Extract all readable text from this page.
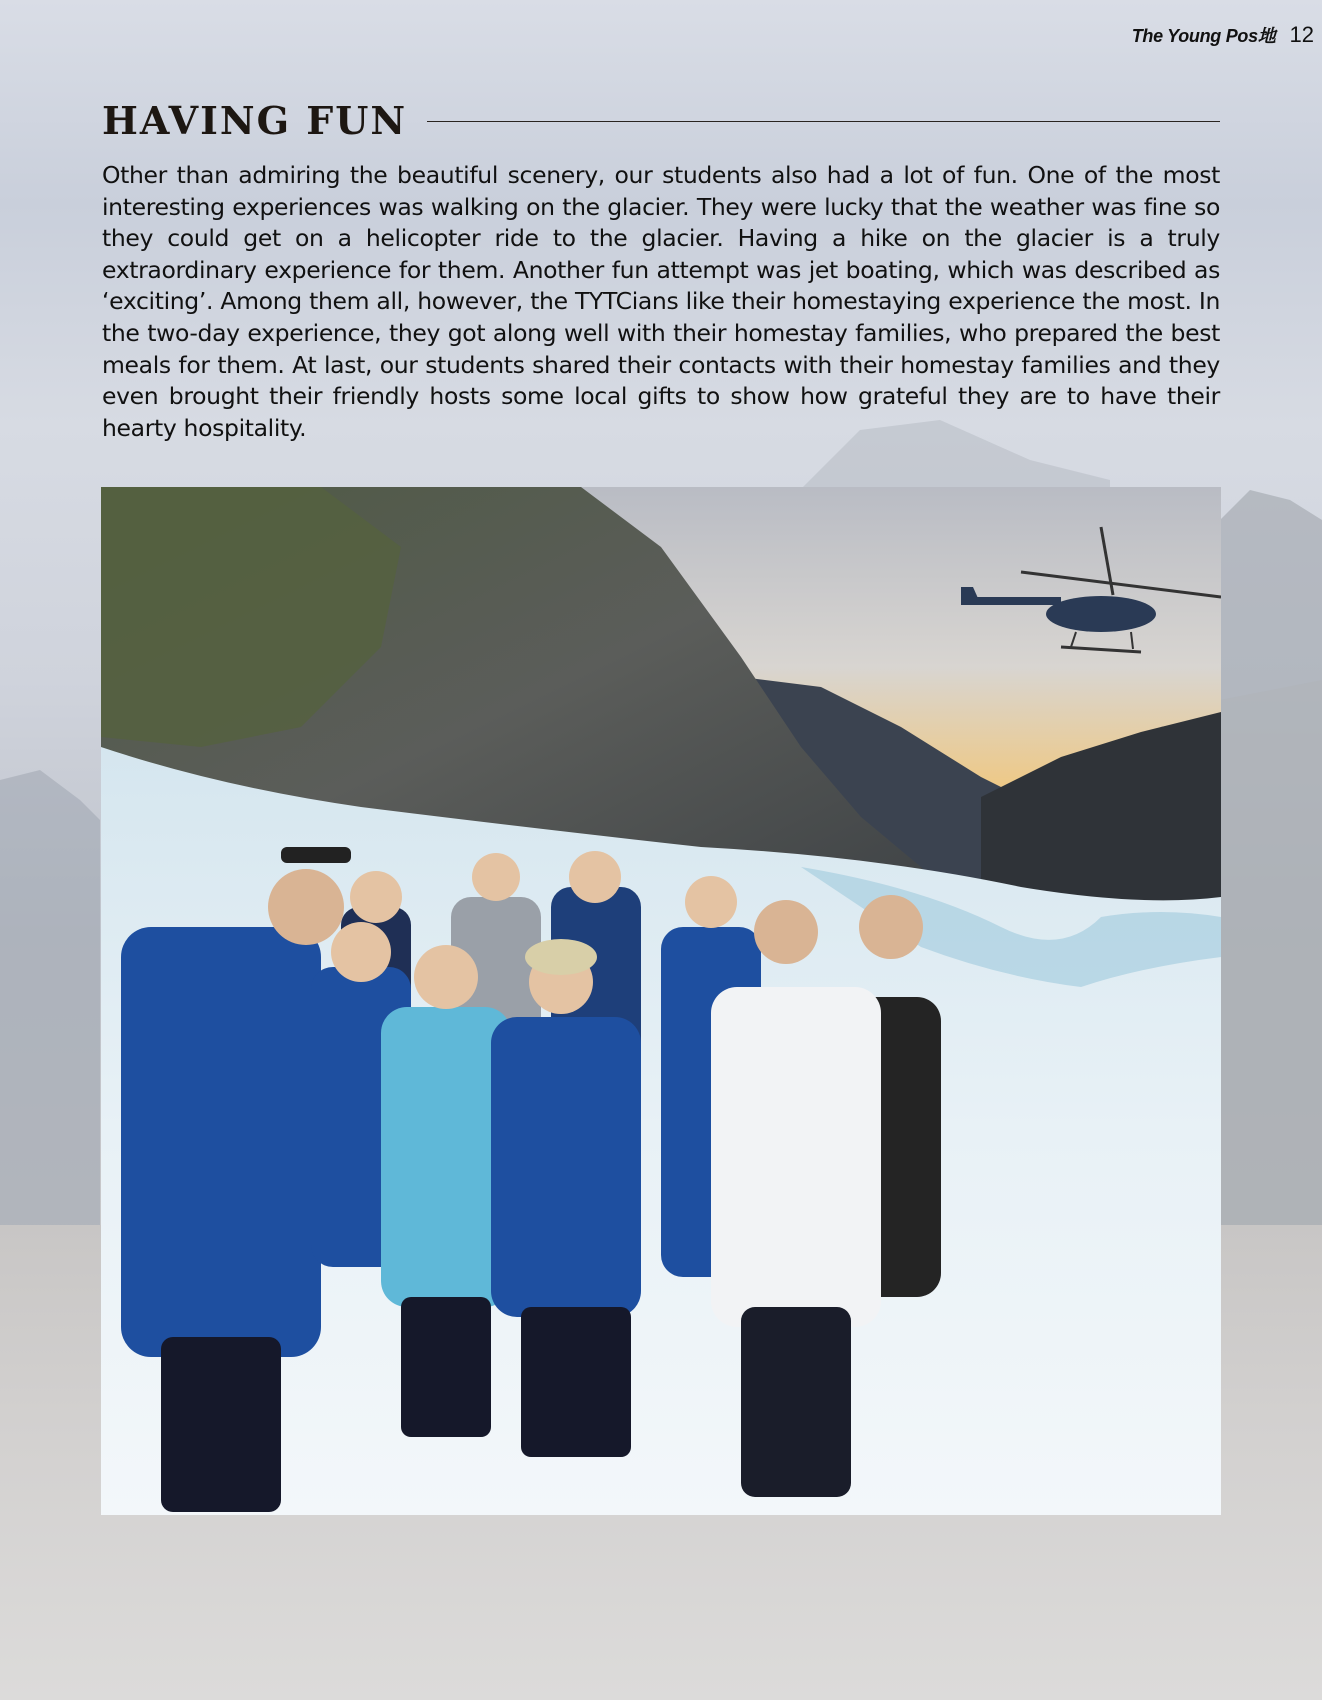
The Young Pos地 12
HAVING FUN

Other than admiring the beautiful scenery, our students also had a lot of fun. One of the most interesting experiences was walking on the glacier. They were lucky that the weather was fine so they could get on a helicopter ride to the glacier. Having a hike on the glacier is a truly extraordinary experience for them. Another fun attempt was jet boating, which was described as ‘exciting’. Among them all, however, the TYTCians like their homestaying experience the most. In the two-day experience, they got along well with their homestay families, who prepared the best meals for them. At last, our students shared their contacts with their homestay families and they even brought their friendly hosts some local gifts to show how grateful they are to have their hearty hospitality.
